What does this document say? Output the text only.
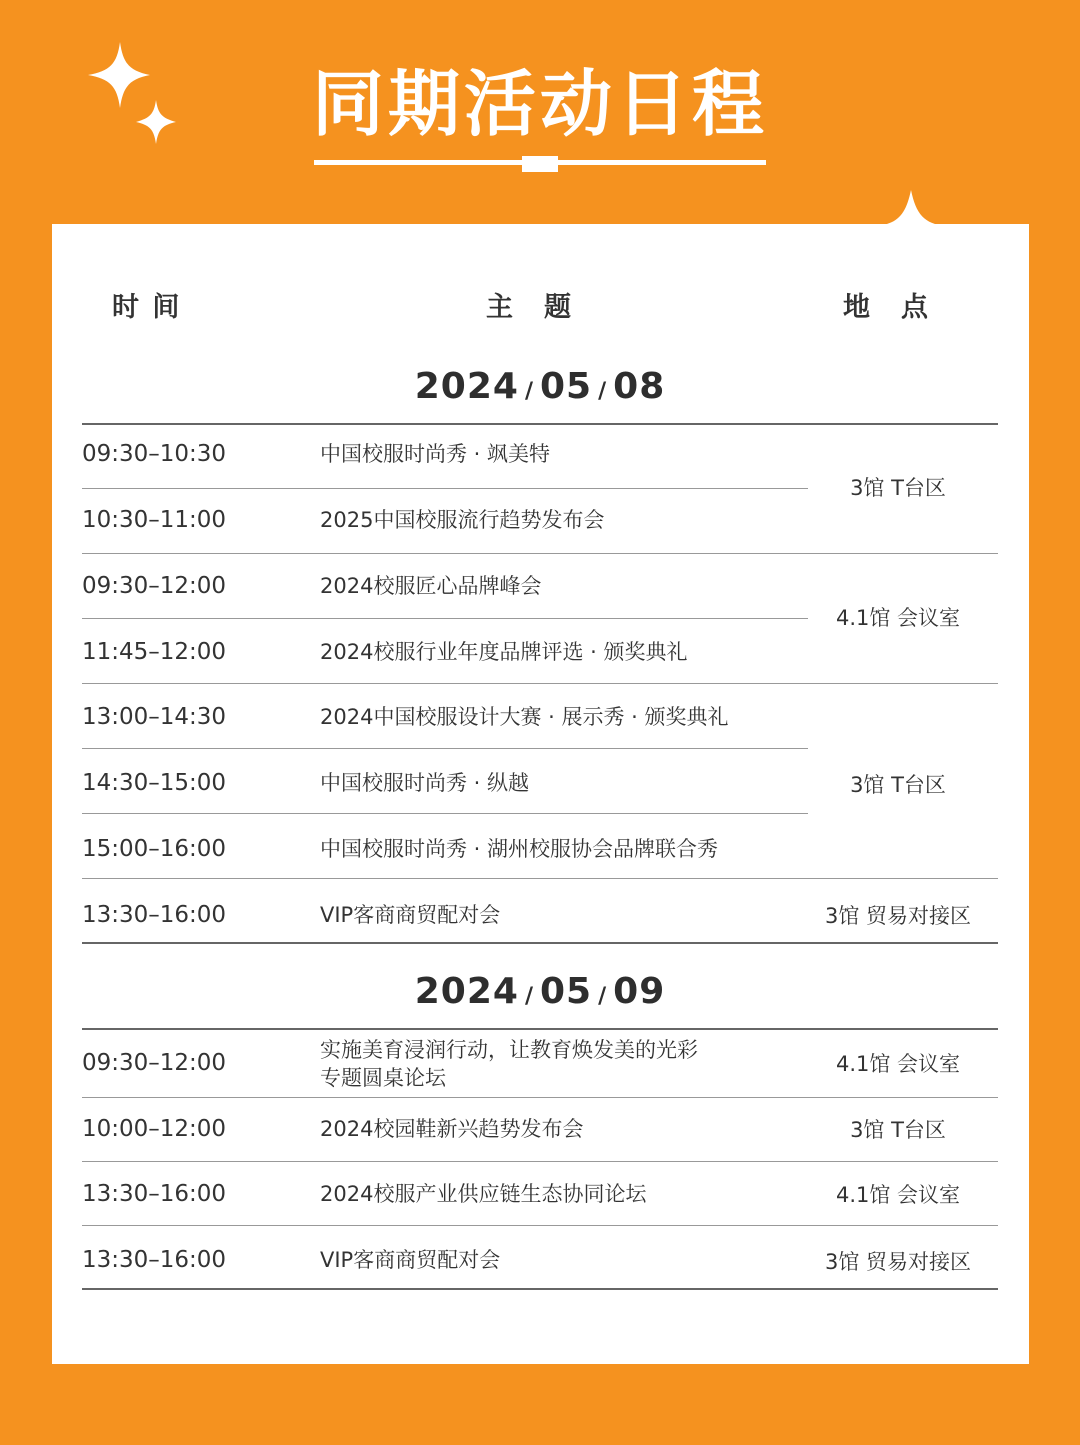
同期活动日程
时 间	主　题	地　点
2024 / 05 / 08
09:30–10:30	中国校服时尚秀 · 飒美特
10:30–11:00	2025中国校服流行趋势发布会
3馆 T台区
09:30–12:00	2024校服匠心品牌峰会
11:45–12:00	2024校服行业年度品牌评选 · 颁奖典礼
4.1馆 会议室
13:00–14:30	2024中国校服设计大赛 · 展示秀 · 颁奖典礼
14:30–15:00	中国校服时尚秀 · 纵越
15:00–16:00	中国校服时尚秀 · 湖州校服协会品牌联合秀
3馆 T台区
13:30–16:00	VIP客商商贸配对会	3馆 贸易对接区
2024 / 05 / 09
09:30–12:00	实施美育浸润行动，让教育焕发美的光彩
专题圆桌论坛
4.1馆 会议室
10:00–12:00	2024校园鞋新兴趋势发布会	3馆 T台区
13:30–16:00	2024校服产业供应链生态协同论坛	4.1馆 会议室
13:30–16:00	VIP客商商贸配对会	3馆 贸易对接区
